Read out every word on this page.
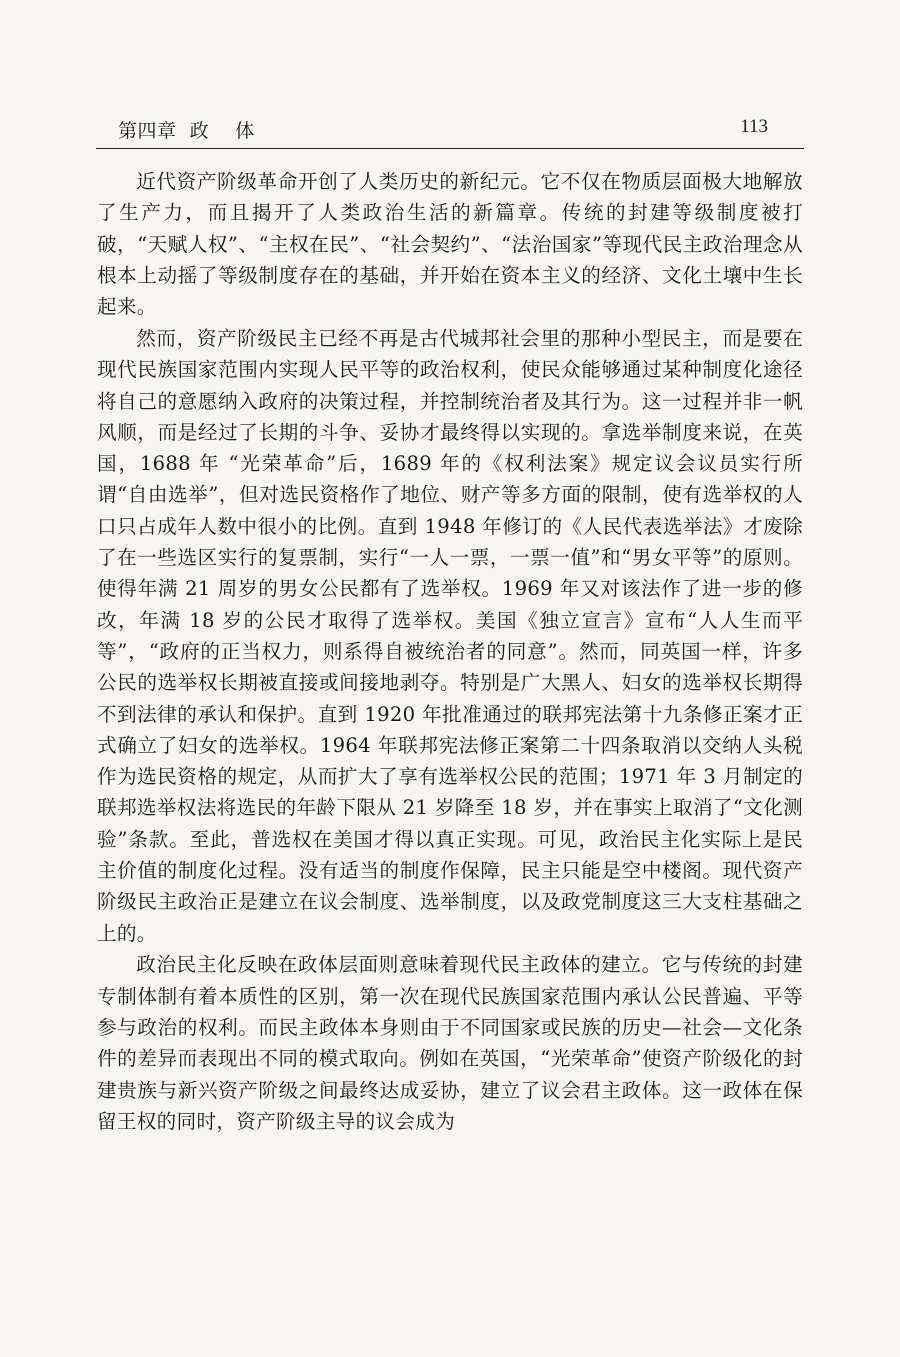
第四章  政    体	113

近代资产阶级革命开创了人类历史的新纪元。它不仅在物质层面极大地解放了生产力，而且揭开了人类政治生活的新篇章。传统的封建等级制度被打破，“天赋人权”、“主权在民”、“社会契约”、“法治国家”等现代民主政治理念从根本上动摇了等级制度存在的基础，并开始在资本主义的经济、文化土壤中生长起来。

然而，资产阶级民主已经不再是古代城邦社会里的那种小型民主，而是要在现代民族国家范围内实现人民平等的政治权利，使民众能够通过某种制度化途径将自己的意愿纳入政府的决策过程，并控制统治者及其行为。这一过程并非一帆风顺，而是经过了长期的斗争、妥协才最终得以实现的。拿选举制度来说，在英国，1688 年 “光荣革命”后，1689 年的《权利法案》规定议会议员实行所谓“自由选举”，但对选民资格作了地位、财产等多方面的限制，使有选举权的人口只占成年人数中很小的比例。直到 1948 年修订的《人民代表选举法》才废除了在一些选区实行的复票制，实行“一人一票，一票一值”和“男女平等”的原则。使得年满 21 周岁的男女公民都有了选举权。1969 年又对该法作了进一步的修改，年满 18 岁的公民才取得了选举权。美国《独立宣言》宣布“人人生而平等”，“政府的正当权力，则系得自被统治者的同意”。然而，同英国一样，许多公民的选举权长期被直接或间接地剥夺。特别是广大黑人、妇女的选举权长期得不到法律的承认和保护。直到 1920 年批准通过的联邦宪法第十九条修正案才正式确立了妇女的选举权。1964 年联邦宪法修正案第二十四条取消以交纳人头税作为选民资格的规定，从而扩大了享有选举权公民的范围；1971 年 3 月制定的联邦选举权法将选民的年龄下限从 21 岁降至 18 岁，并在事实上取消了“文化测验”条款。至此，普选权在美国才得以真正实现。可见，政治民主化实际上是民主价值的制度化过程。没有适当的制度作保障，民主只能是空中楼阁。现代资产阶级民主政治正是建立在议会制度、选举制度，以及政党制度这三大支柱基础之上的。

政治民主化反映在政体层面则意味着现代民主政体的建立。它与传统的封建专制体制有着本质性的区别，第一次在现代民族国家范围内承认公民普遍、平等参与政治的权利。而民主政体本身则由于不同国家或民族的历史—社会—文化条件的差异而表现出不同的模式取向。例如在英国，“光荣革命”使资产阶级化的封建贵族与新兴资产阶级之间最终达成妥协，建立了议会君主政体。这一政体在保留王权的同时，资产阶级主导的议会成为
